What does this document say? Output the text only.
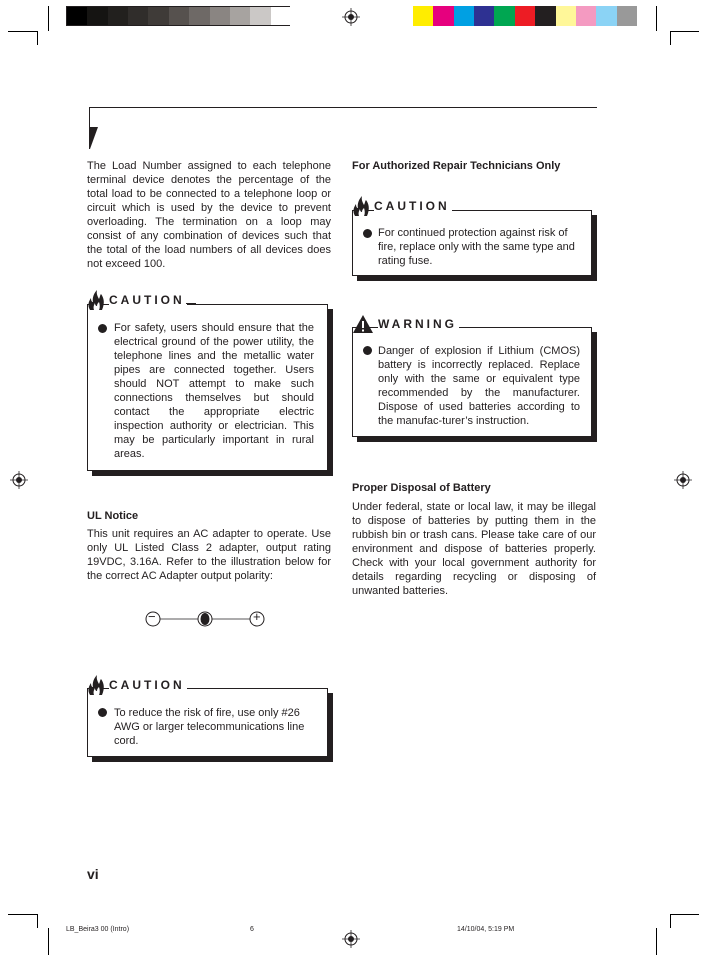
The Load Number assigned to each telephone terminal device denotes the percentage of the total load to be connected to a telephone loop or circuit which is used by the device to prevent overloading. The termination on a loop may consist of any combination of devices such that the total of the load numbers of all devices does not exceed 100.

For safety, users should ensure that the electrical ground of the power utility, the telephone lines and the metallic water pipes are connected together. Users should NOT attempt to make such connections themselves but should contact the appropriate electric inspection authority or electrician. This may be particularly important in rural areas.

CAUTION

UL Notice

This unit requires an AC adapter to operate. Use only UL Listed Class 2 adapter, output rating 19VDC, 3.16A. Refer to the illustration below for the correct AC Adapter output polarity:

−	+

To reduce the risk of fire, use only #26 AWG or larger telecommunications line cord.

CAUTION
vi

For Authorized Repair Technicians Only

For continued protection against risk of fire, replace only with the same type and rating fuse.

CAUTION

Danger of explosion if Lithium (CMOS) battery is incorrectly replaced. Replace only with the same or equivalent type recommended by the manufacturer. Dispose of used batteries according to the manufac-turer’s instruction.

WARNING

Proper Disposal of Battery

Under federal, state or local law, it may be illegal to dispose of batteries by putting them in the rubbish bin or trash cans. Please take care of our environment and dispose of batteries properly. Check with your local government authority for details regarding recycling or disposing of unwanted batteries.

LB_Beira3 00 (Intro)	6	14/10/04, 5:19 PM
